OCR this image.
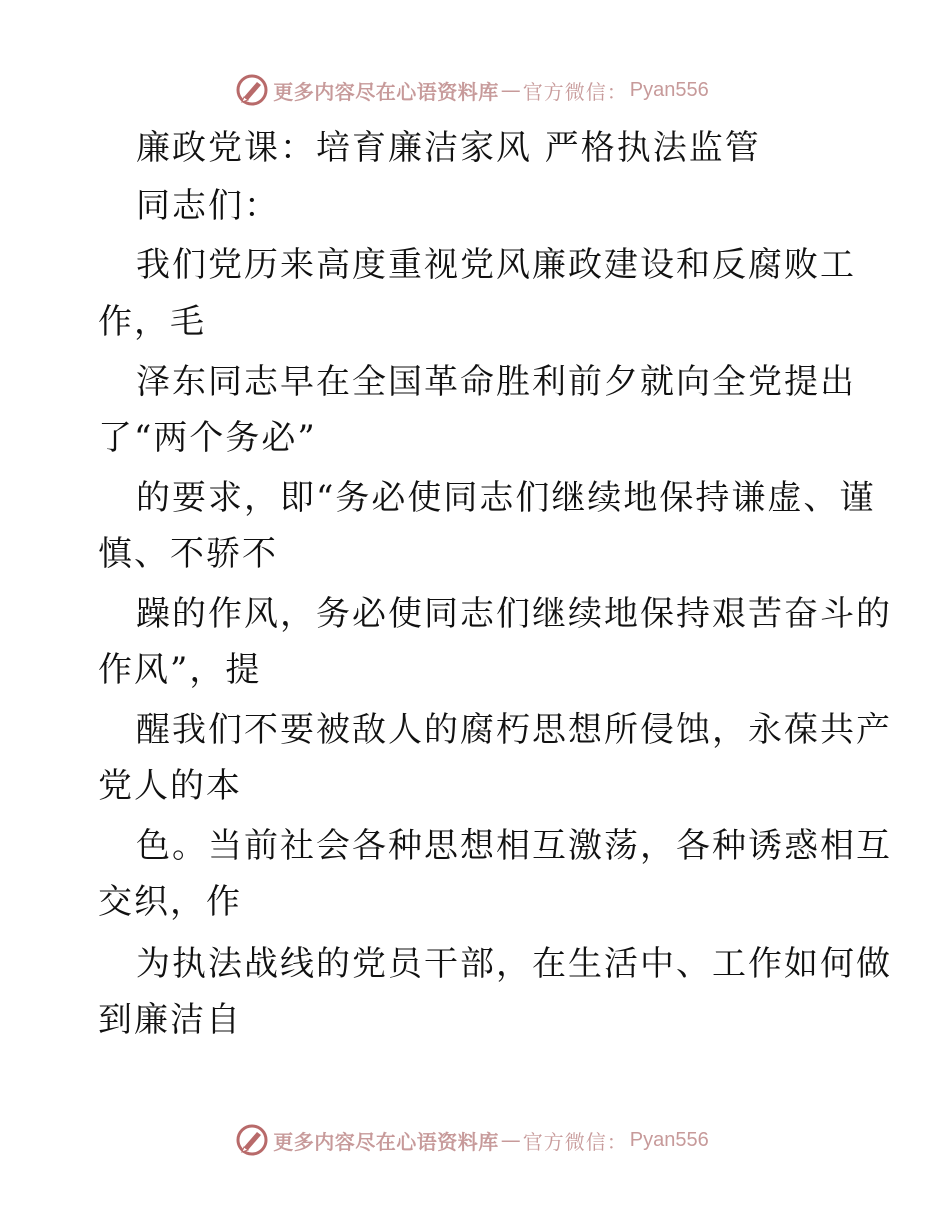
更多内容尽在心语资料库 — 官方微信： Pyan556
廉政党课：培育廉洁家风 严格执法监管
同志们：
我们党历来高度重视党风廉政建设和反腐败工
作，毛
泽东同志早在全国革命胜利前夕就向全党提出
了“两个务必”
的要求，即“务必使同志们继续地保持谦虚、谨
慎、不骄不
躁的作风，务必使同志们继续地保持艰苦奋斗的
作风”，提
醒我们不要被敌人的腐朽思想所侵蚀，永葆共产
党人的本
色。当前社会各种思想相互激荡，各种诱惑相互
交织，作
为执法战线的党员干部，在生活中、工作如何做
到廉洁自
更多内容尽在心语资料库 — 官方微信： Pyan556
